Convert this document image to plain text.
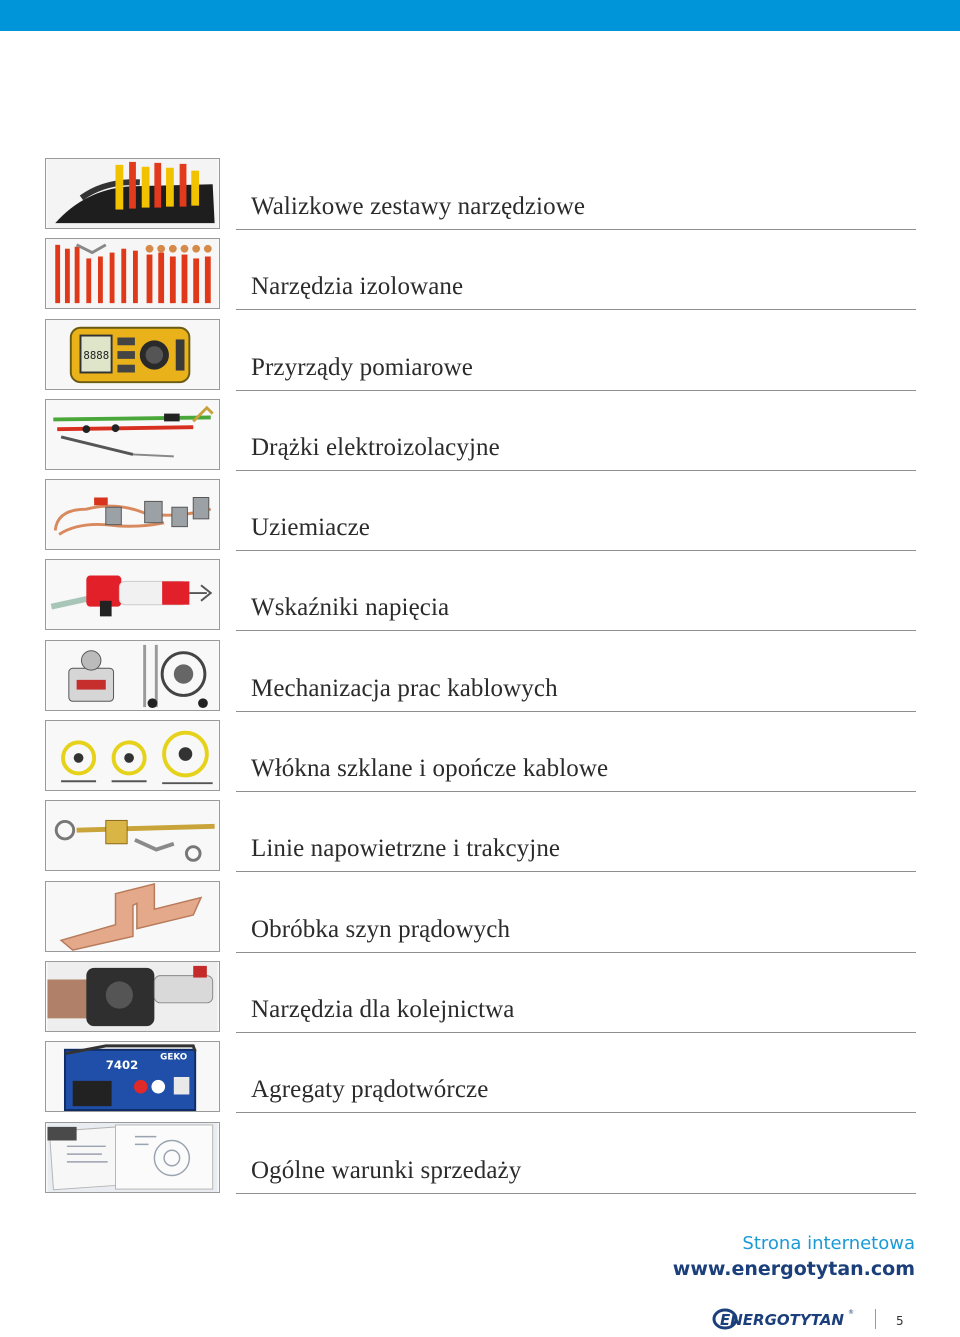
Walizkowe zestawy narzędziowe
Narzędzia izolowane
8888	Przyrządy pomiarowe
Drążki elektroizolacyjne
Uziemiacze
Wskaźniki napięcia
Mechanizacja prac kablowych
Włókna szklane i opończe kablowe
Linie napowietrzne i trakcyjne
Obróbka szyn prądowych
Narzędzia dla kolejnictwa
7402
GEKO
Agregaty prądotwórcze
Ogólne warunki sprzedaży
Strona internetowa
www.energotytan.com
ENERGOTYTAN ®
5
